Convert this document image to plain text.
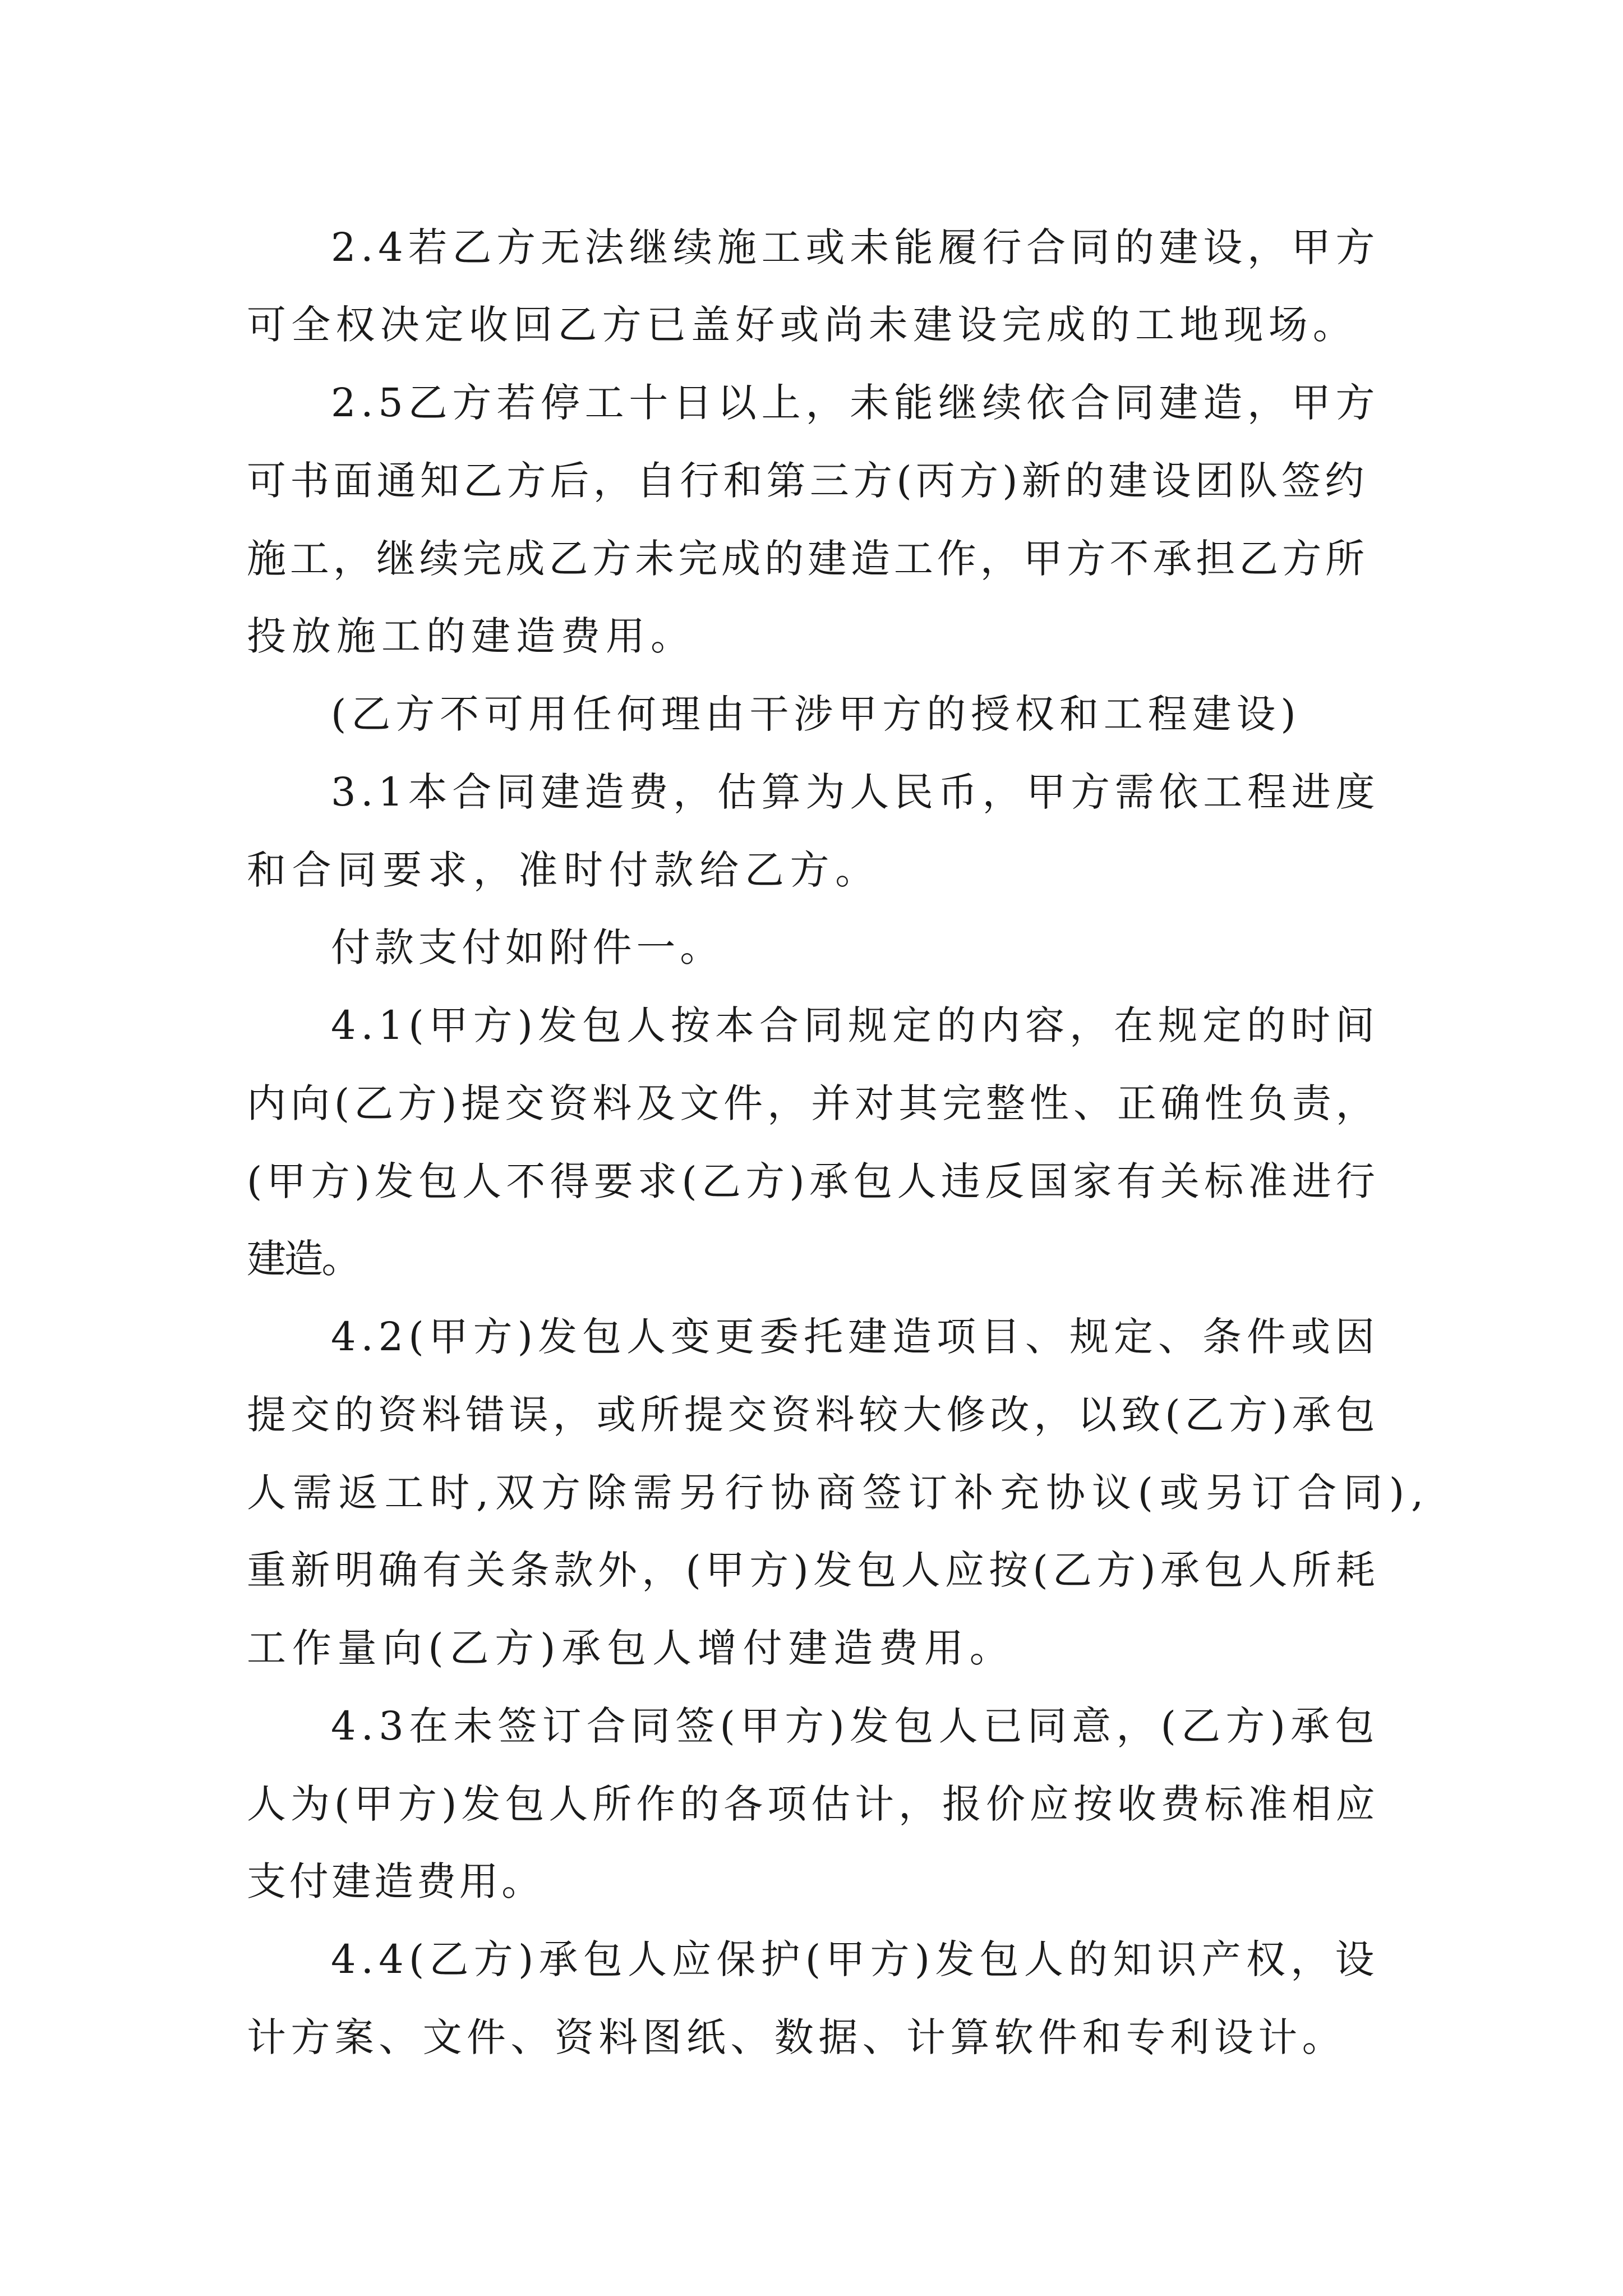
2.4若乙方无法继续施工或未能履行合同的建设，甲方
可全权决定收回乙方已盖好或尚未建设完成的工地现场。
2.5乙方若停工十日以上，未能继续依合同建造，甲方
可书面通知乙方后，自行和第三方(丙方)新的建设团队签约
施工，继续完成乙方未完成的建造工作，甲方不承担乙方所
投放施工的建造费用。
(乙方不可用任何理由干涉甲方的授权和工程建设)
3.1本合同建造费，估算为人民币，甲方需依工程进度
和合同要求，准时付款给乙方。
付款支付如附件一。
4.1(甲方)发包人按本合同规定的内容，在规定的时间
内向(乙方)提交资料及文件，并对其完整性、正确性负责，
(甲方)发包人不得要求(乙方)承包人违反国家有关标准进行
建造。
4.2(甲方)发包人变更委托建造项目、规定、条件或因
提交的资料错误，或所提交资料较大修改，以致(乙方)承包
人需返工时,双方除需另行协商签订补充协议(或另订合同),
重新明确有关条款外，(甲方)发包人应按(乙方)承包人所耗
工作量向(乙方)承包人增付建造费用。
4.3在未签订合同签(甲方)发包人已同意，(乙方)承包
人为(甲方)发包人所作的各项估计，报价应按收费标准相应
支付建造费用。
4.4(乙方)承包人应保护(甲方)发包人的知识产权，设
计方案、文件、资料图纸、数据、计算软件和专利设计。
